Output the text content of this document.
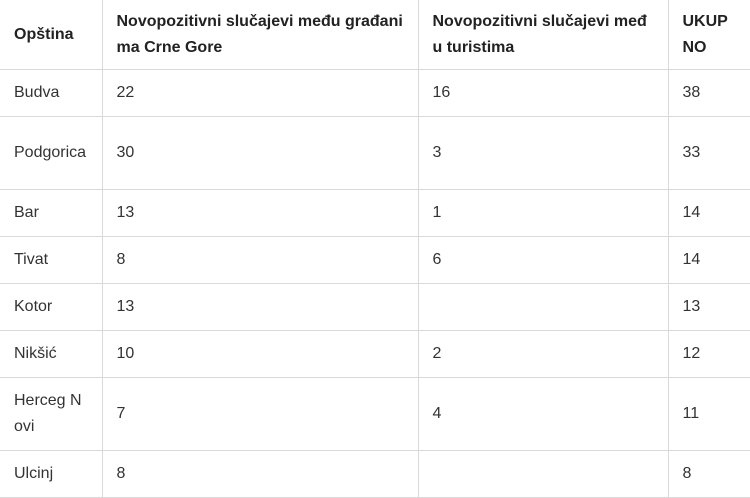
Opština	Novopozitivni slučajevi među građanima Crne Gore	Novopozitivni slučajevi među turistima	UKUPNO
Budva	22	16	38
Podgorica	30	3	33
Bar	13	1	14
Tivat	8	6	14
Kotor	13		13
Nikšić	10	2	12
Herceg Novi	7	4	11
Ulcinj	8		8
